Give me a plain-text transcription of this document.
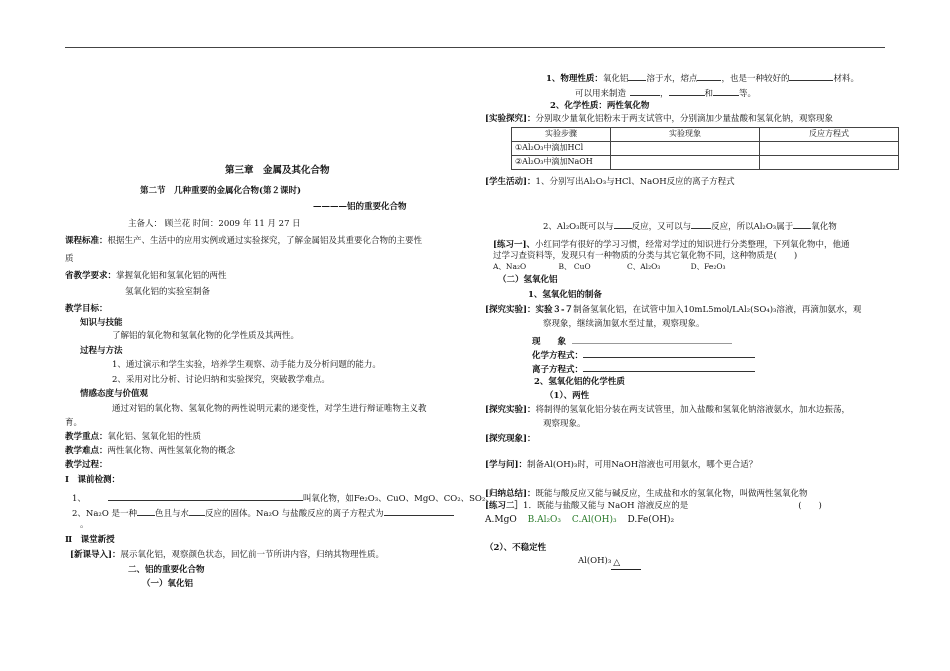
第三章　金属及其化合物
第二节　几种重要的金属化合物(第２课时)
————铝的重要化合物
主备人： 顾兰花 时间：2009 年 11 月 27 日
课程标准：根据生产、生活中的应用实例或通过实验探究，了解金属铝及其重要化合物的主要性
质
省教学要求：掌握氧化铝和氢氧化铝的两性
氢氧化铝的实验室制备
教学目标：
知识与技能
了解铝的氧化物和氢氧化物的化学性质及其两性。
过程与方法
1、通过演示和学生实验，培养学生观察、动手能力及分析问题的能力。
2、采用对比分析、讨论归纳和实验探究，突破教学难点。
情感态度与价值观
通过对铝的氧化物、氢氧化物的两性说明元素的递变性，对学生进行辩证唯物主义教
育。
教学重点：氧化铝、氢氧化铝的性质
教学难点：两性氧化物、两性氢氧化物的概念
教学过程：
Ⅰ　课前检测：
1、	叫氧化物，如Fe₂O₃、CuO、MgO、CO₂、SO₂、
2、Na₂O 是一种 色且与水 反应的固体。Na₂O 与盐酸反应的离子方程式为
。
Ⅱ　课堂新授
[新课导入]：展示氧化铝，观察颜色状态，回忆前一节所讲内容，归纳其物理性质。
二、铝的重要化合物
（一）氧化铝
1、物理性质：氧化铝 溶于水，熔点	，也是一种较好的	材料。
可以用来制造	，	和	等。
2、化学性质：两性氧化物
[实验探究]：分别取少量氧化铝粉末于两支试管中，分别滴加少量盐酸和氢氧化钠，观察现象
实验步骤	实验现象	反应方程式
①Al₂O₃中滴加HCl		
②Al₂O₃中滴加NaOH		
[学生活动]：1、分别写出Al₂O₃与HCl、NaOH反应的离子方程式
2、Al₂O₃既可以与 反应，又可以与 反应，所以Al₂O₃属于 氧化物
[练习一]、小红同学有很好的学习习惯，经常对学过的知识进行分类整理，下列氧化物中，他通
过学习查资料等，发现只有一种物质的分类与其它氧化物不同，这种物质是(　　)
A、Na₂O	B、 CuO	C、Al₂O₃	D、Fe₂O₃
（二）氢氧化铝
1、氢氧化铝的制备
[探究实验]：实验３-７制备氢氧化铝，在试管中加入10mL5mol/LAl₂(SO₄)₃溶液，再滴加氨水，观
察现象，继续滴加氨水至过量，观察现象。
现　　象
化学方程式：
离子方程式：
2、氢氧化铝的化学性质
（1）、两性
[探究实验]：将制得的氢氧化铝分装在两支试管里，加入盐酸和氢氧化钠溶液氨水，加水边振荡，
观察现象。
[探究现象]：
[学与问]：制备Al(OH)₃时，可用NaOH溶液也可用氨水，哪个更合适？
[归纳总结]：既能与酸反应又能与碱反应，生成盐和水的氢氧化物，叫做两性氢氧化物
[练习二］1．既能与盐酸又能与 NaOH 溶液反应的是	(　　)
A.MgO B.Al₂O₃ C.Al(OH)₃ D.Fe(OH)₂
（2）、不稳定性
Al(OH)₃ △
